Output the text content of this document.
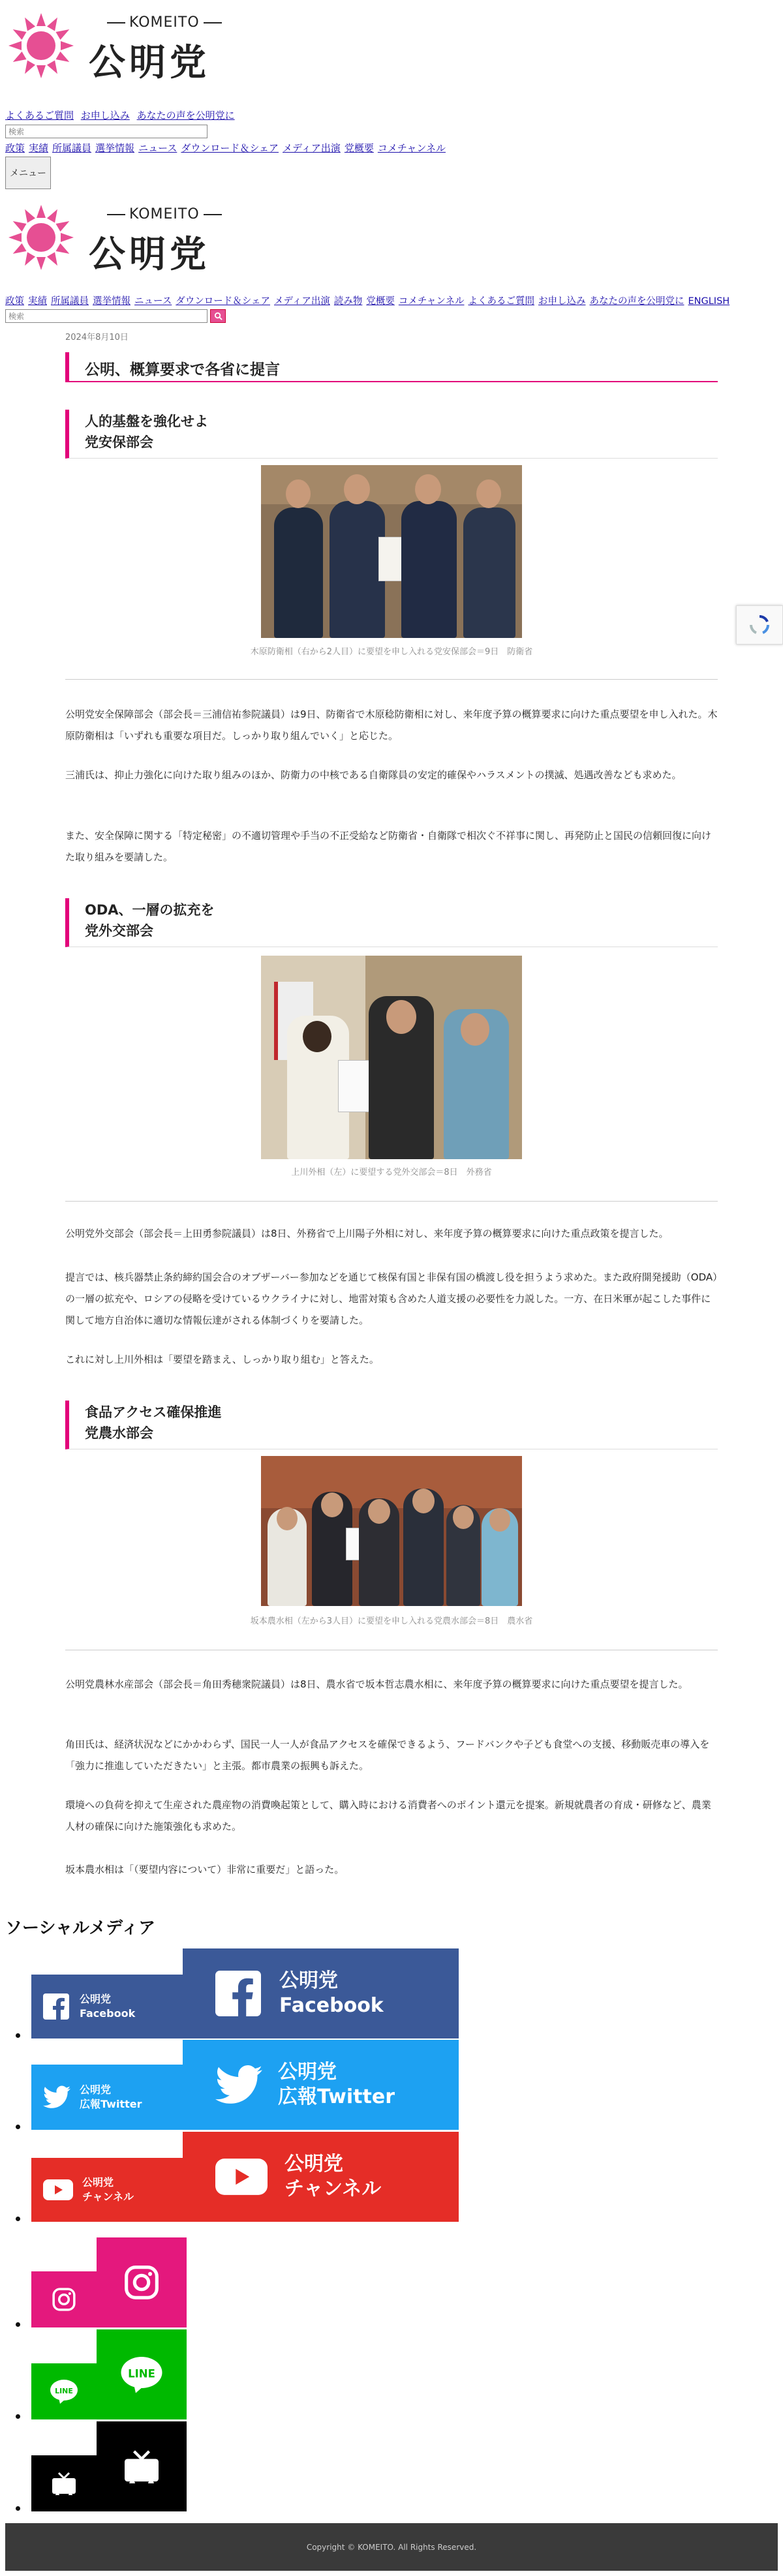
KOMEITO
公明党
よくあるご質問 お申し込み あなたの声を公明党に
検索
政策 実績 所属議員 選挙情報 ニュース ダウンロード＆シェア メディア出演 党概要 コメチャンネル
メニュー
KOMEITO
公明党
政策 実績 所属議員 選挙情報 ニュース ダウンロード＆シェア メディア出演 読み物 党概要 コメチャンネル よくあるご質問 お申し込み あなたの声を公明党に ENGLISH
検索
2024年8月10日
公明、概算要求で各省に提言
人的基盤を強化せよ
党安保部会
木原防衛相（右から2人目）に要望を申し入れる党安保部会＝9日　防衛省
公明党安全保障部会（部会長＝三浦信祐参院議員）は9日、防衛省で木原稔防衛相に対し、来年度予算の概算要求に向けた重点要望を申し入れた。木原防衛相は「いずれも重要な項目だ。しっかり取り組んでいく」と応じた。
三浦氏は、抑止力強化に向けた取り組みのほか、防衛力の中核である自衛隊員の安定的確保やハラスメントの撲滅、処遇改善なども求めた。
また、安全保障に関する「特定秘密」の不適切管理や手当の不正受給など防衛省・自衛隊で相次ぐ不祥事に関し、再発防止と国民の信頼回復に向けた取り組みを要請した。
ODA、一層の拡充を
党外交部会
上川外相（左）に要望する党外交部会＝8日　外務省
公明党外交部会（部会長＝上田勇参院議員）は8日、外務省で上川陽子外相に対し、来年度予算の概算要求に向けた重点政策を提言した。
提言では、核兵器禁止条約締約国会合のオブザーバー参加などを通じて核保有国と非保有国の橋渡し役を担うよう求めた。また政府開発援助（ODA）の一層の拡充や、ロシアの侵略を受けているウクライナに対し、地雷対策も含めた人道支援の必要性を力説した。一方、在日米軍が起こした事件に関して地方自治体に適切な情報伝達がされる体制づくりを要請した。
これに対し上川外相は「要望を踏まえ、しっかり取り組む」と答えた。
食品アクセス確保推進
党農水部会
坂本農水相（左から3人目）に要望を申し入れる党農水部会＝8日　農水省
公明党農林水産部会（部会長＝角田秀穂衆院議員）は8日、農水省で坂本哲志農水相に、来年度予算の概算要求に向けた重点要望を提言した。
角田氏は、経済状況などにかかわらず、国民一人一人が食品アクセスを確保できるよう、フードバンクや子ども食堂への支援、移動販売車の導入を「強力に推進していただきたい」と主張。都市農業の振興も訴えた。
環境への負荷を抑えて生産された農産物の消費喚起策として、購入時における消費者へのポイント還元を提案。新規就農者の育成・研修など、農業人材の確保に向けた施策強化も求めた。
坂本農水相は「（要望内容について）非常に重要だ」と語った。
ソーシャルメディア
公明党
Facebook
公明党
Facebook
公明党
広報Twitter
公明党
広報Twitter
公明党
チャンネル
公明党
チャンネル
LINE
LINE
Copyright © KOMEITO. All Rights Reserved.
